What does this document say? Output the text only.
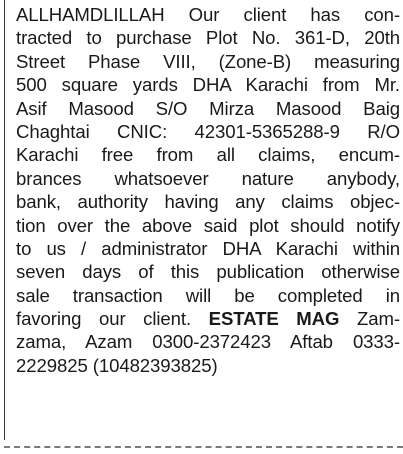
ALLHAMDLILLAH Our client has con-
tracted to purchase Plot No. 361-D, 20th
Street Phase VIII, (Zone-B) measuring
500 square yards DHA Karachi from Mr.
Asif Masood S/O Mirza Masood Baig
Chaghtai CNIC: 42301-5365288-9 R/O
Karachi free from all claims, encum-
brances whatsoever nature anybody,
bank, authority having any claims objec-
tion over the above said plot should notify
to us / administrator DHA Karachi within
seven days of this publication otherwise
sale transaction will be completed in
favoring our client. ESTATE MAG Zam-
zama, Azam 0300-2372423 Aftab 0333-
2229825 (10482393825)
